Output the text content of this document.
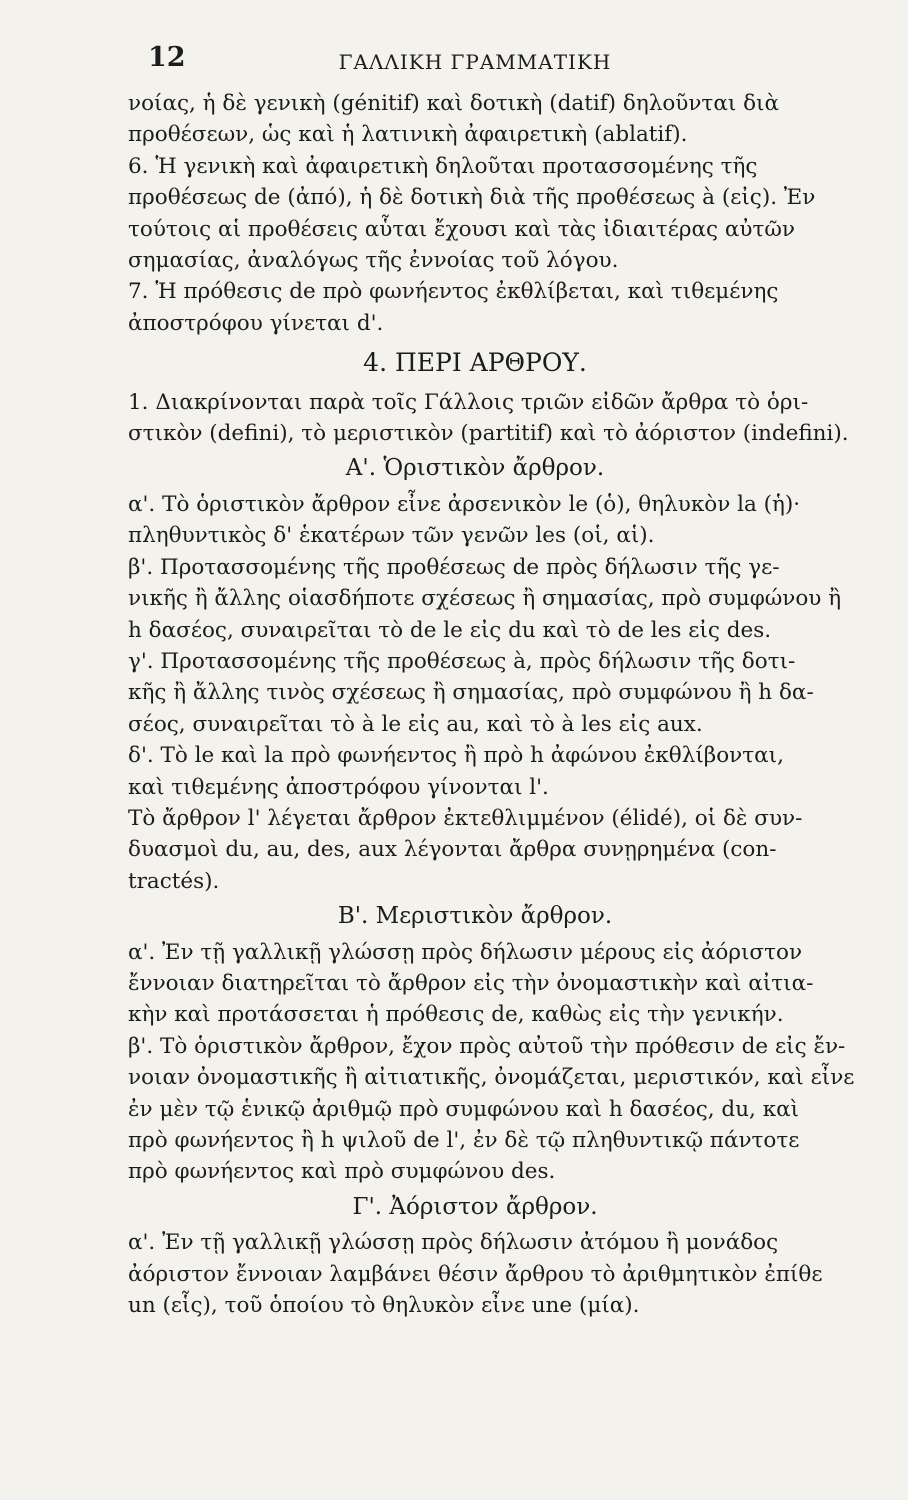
12	ΓΑΛΛΙΚΗ ΓΡΑΜΜΑΤΙΚΗ
νοίας, ἡ δὲ γενικὴ (génitif) καὶ δοτικὴ (datif) δηλοῦνται διὰ
προθέσεων, ὡς καὶ ἡ λατινικὴ ἀφαιρετικὴ (ablatif).
6. Ἡ γενικὴ καὶ ἀφαιρετικὴ δηλοῦται προτασσομένης τῆς
προθέσεως de (ἀπό), ἡ δὲ δοτικὴ διὰ τῆς προθέσεως à (εἰς). Ἐν
τούτοις αἱ προθέσεις αὗται ἔχουσι καὶ τὰς ἰδιαιτέρας αὐτῶν
σημασίας, ἀναλόγως τῆς ἐννοίας τοῦ λόγου.
7. Ἡ πρόθεσις de πρὸ φωνήεντος ἐκθλίβεται, καὶ τιθεμένης
ἀποστρόφου γίνεται d'.
4. ΠΕΡΙ ΑΡΘΡΟΥ.
1. Διακρίνονται παρὰ τοῖς Γάλλοις τριῶν εἰδῶν ἄρθρα τὸ ὁρι-
στικὸν (defini), τὸ μεριστικὸν (partitif) καὶ τὸ ἀόριστον (indefini).
Α'. Ὁριστικὸν ἄρθρον.
α'. Τὸ ὁριστικὸν ἄρθρον εἶνε ἀρσενικὸν le (ὁ), θηλυκὸν la (ἡ)·
πληθυντικὸς δ' ἑκατέρων τῶν γενῶν les (οἱ, αἱ).
β'. Προτασσομένης τῆς προθέσεως de πρὸς δήλωσιν τῆς γε-
νικῆς ἢ ἄλλης οἱασδήποτε σχέσεως ἢ σημασίας, πρὸ συμφώνου ἢ
h δασέος, συναιρεῖται τὸ de le εἰς du καὶ τὸ de les εἰς des.
γ'. Προτασσομένης τῆς προθέσεως à, πρὸς δήλωσιν τῆς δοτι-
κῆς ἢ ἄλλης τινὸς σχέσεως ἢ σημασίας, πρὸ συμφώνου ἢ h δα-
σέος, συναιρεῖται τὸ à le εἰς au, καὶ τὸ à les εἰς aux.
δ'. Τὸ le καὶ la πρὸ φωνήεντος ἢ πρὸ h ἀφώνου ἐκθλίβονται,
καὶ τιθεμένης ἀποστρόφου γίνονται l'.
Τὸ ἄρθρον l' λέγεται ἄρθρον ἐκτεθλιμμένον (élidé), οἱ δὲ συν-
δυασμοὶ du, au, des, aux λέγονται ἄρθρα συνῃρημένα (con-
tractés).
Β'. Μεριστικὸν ἄρθρον.
α'. Ἐν τῇ γαλλικῇ γλώσσῃ πρὸς δήλωσιν μέρους εἰς ἀόριστον
ἔννοιαν διατηρεῖται τὸ ἄρθρον εἰς τὴν ὀνομαστικὴν καὶ αἰτια-
κὴν καὶ προτάσσεται ἡ πρόθεσις de, καθὼς εἰς τὴν γενικήν.
β'. Τὸ ὁριστικὸν ἄρθρον, ἔχον πρὸς αὐτοῦ τὴν πρόθεσιν de εἰς ἔν-
νοιαν ὀνομαστικῆς ἢ αἰτιατικῆς, ὀνομάζεται, μεριστικόν, καὶ εἶνε
ἐν μὲν τῷ ἑνικῷ ἀριθμῷ πρὸ συμφώνου καὶ h δασέος, du, καὶ
πρὸ φωνήεντος ἢ h ψιλοῦ de l', ἐν δὲ τῷ πληθυντικῷ πάντοτε
πρὸ φωνήεντος καὶ πρὸ συμφώνου des.
Γ'. Ἀόριστον ἄρθρον.
α'. Ἐν τῇ γαλλικῇ γλώσσῃ πρὸς δήλωσιν ἀτόμου ἢ μονάδος
ἀόριστον ἔννοιαν λαμβάνει θέσιν ἄρθρου τὸ ἀριθμητικὸν ἐπίθε
un (εἷς), τοῦ ὁποίου τὸ θηλυκὸν εἶνε une (μία).
